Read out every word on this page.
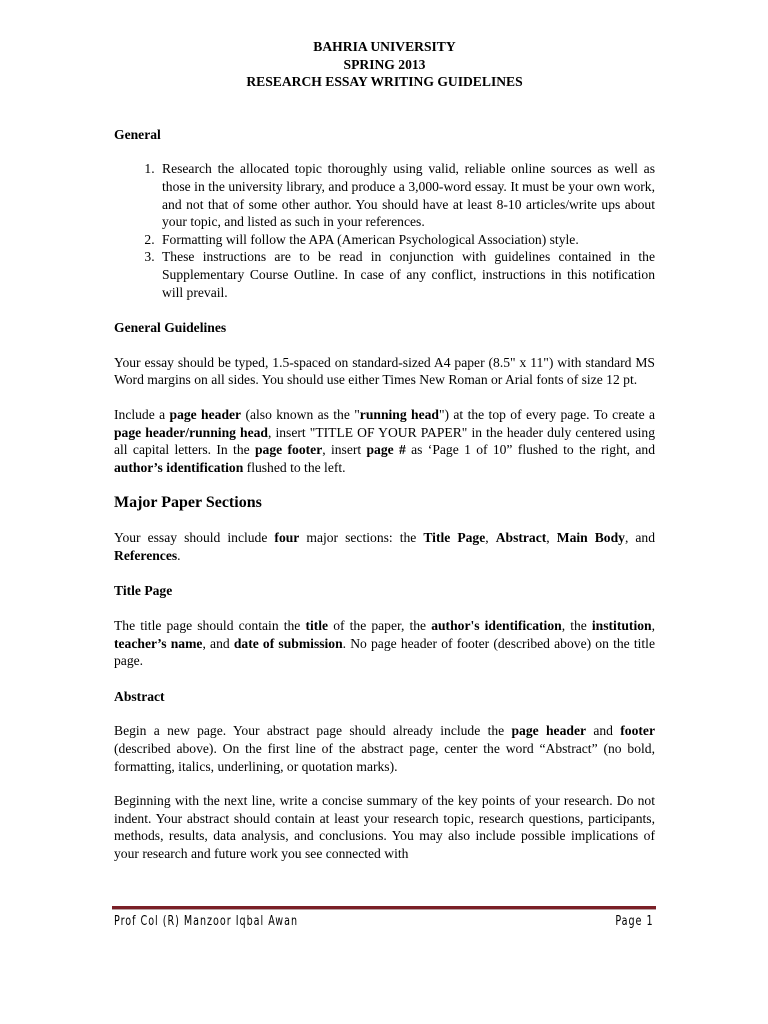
BAHRIA UNIVERSITY
SPRING 2013
RESEARCH ESSAY WRITING GUIDELINES
General
1. Research the allocated topic thoroughly using valid, reliable online sources as well as those in the university library, and produce a 3,000-word essay. It must be your own work, and not that of some other author. You should have at least 8-10 articles/write ups about your topic, and listed as such in your references.
2. Formatting will follow the APA (American Psychological Association) style.
3. These instructions are to be read in conjunction with guidelines contained in the Supplementary Course Outline. In case of any conflict, instructions in this notification will prevail.
General Guidelines

Your essay should be typed, 1.5-spaced on standard-sized A4 paper (8.5" x 11") with standard MS Word margins on all sides. You should use either Times New Roman or Arial fonts of size 12 pt.

Include a page header (also known as the "running head") at the top of every page. To create a page header/running head, insert "TITLE OF YOUR PAPER" in the header duly centered using all capital letters. In the page footer, insert page # as ‘Page 1 of 10” flushed to the right, and author’s identification flushed to the left.

Major Paper Sections

Your essay should include four major sections: the Title Page, Abstract, Main Body, and References.

Title Page

The title page should contain the title of the paper, the author's identification, the institution, teacher’s name, and date of submission. No page header of footer (described above) on the title page.

Abstract

Begin a new page. Your abstract page should already include the page header and footer (described above). On the first line of the abstract page, center the word “Abstract” (no bold, formatting, italics, underlining, or quotation marks).

Beginning with the next line, write a concise summary of the key points of your research. Do not indent. Your abstract should contain at least your research topic, research questions, participants, methods, results, data analysis, and conclusions. You may also include possible implications of your research and future work you see connected with

Prof Col (R) Manzoor Iqbal Awan	Page 1
